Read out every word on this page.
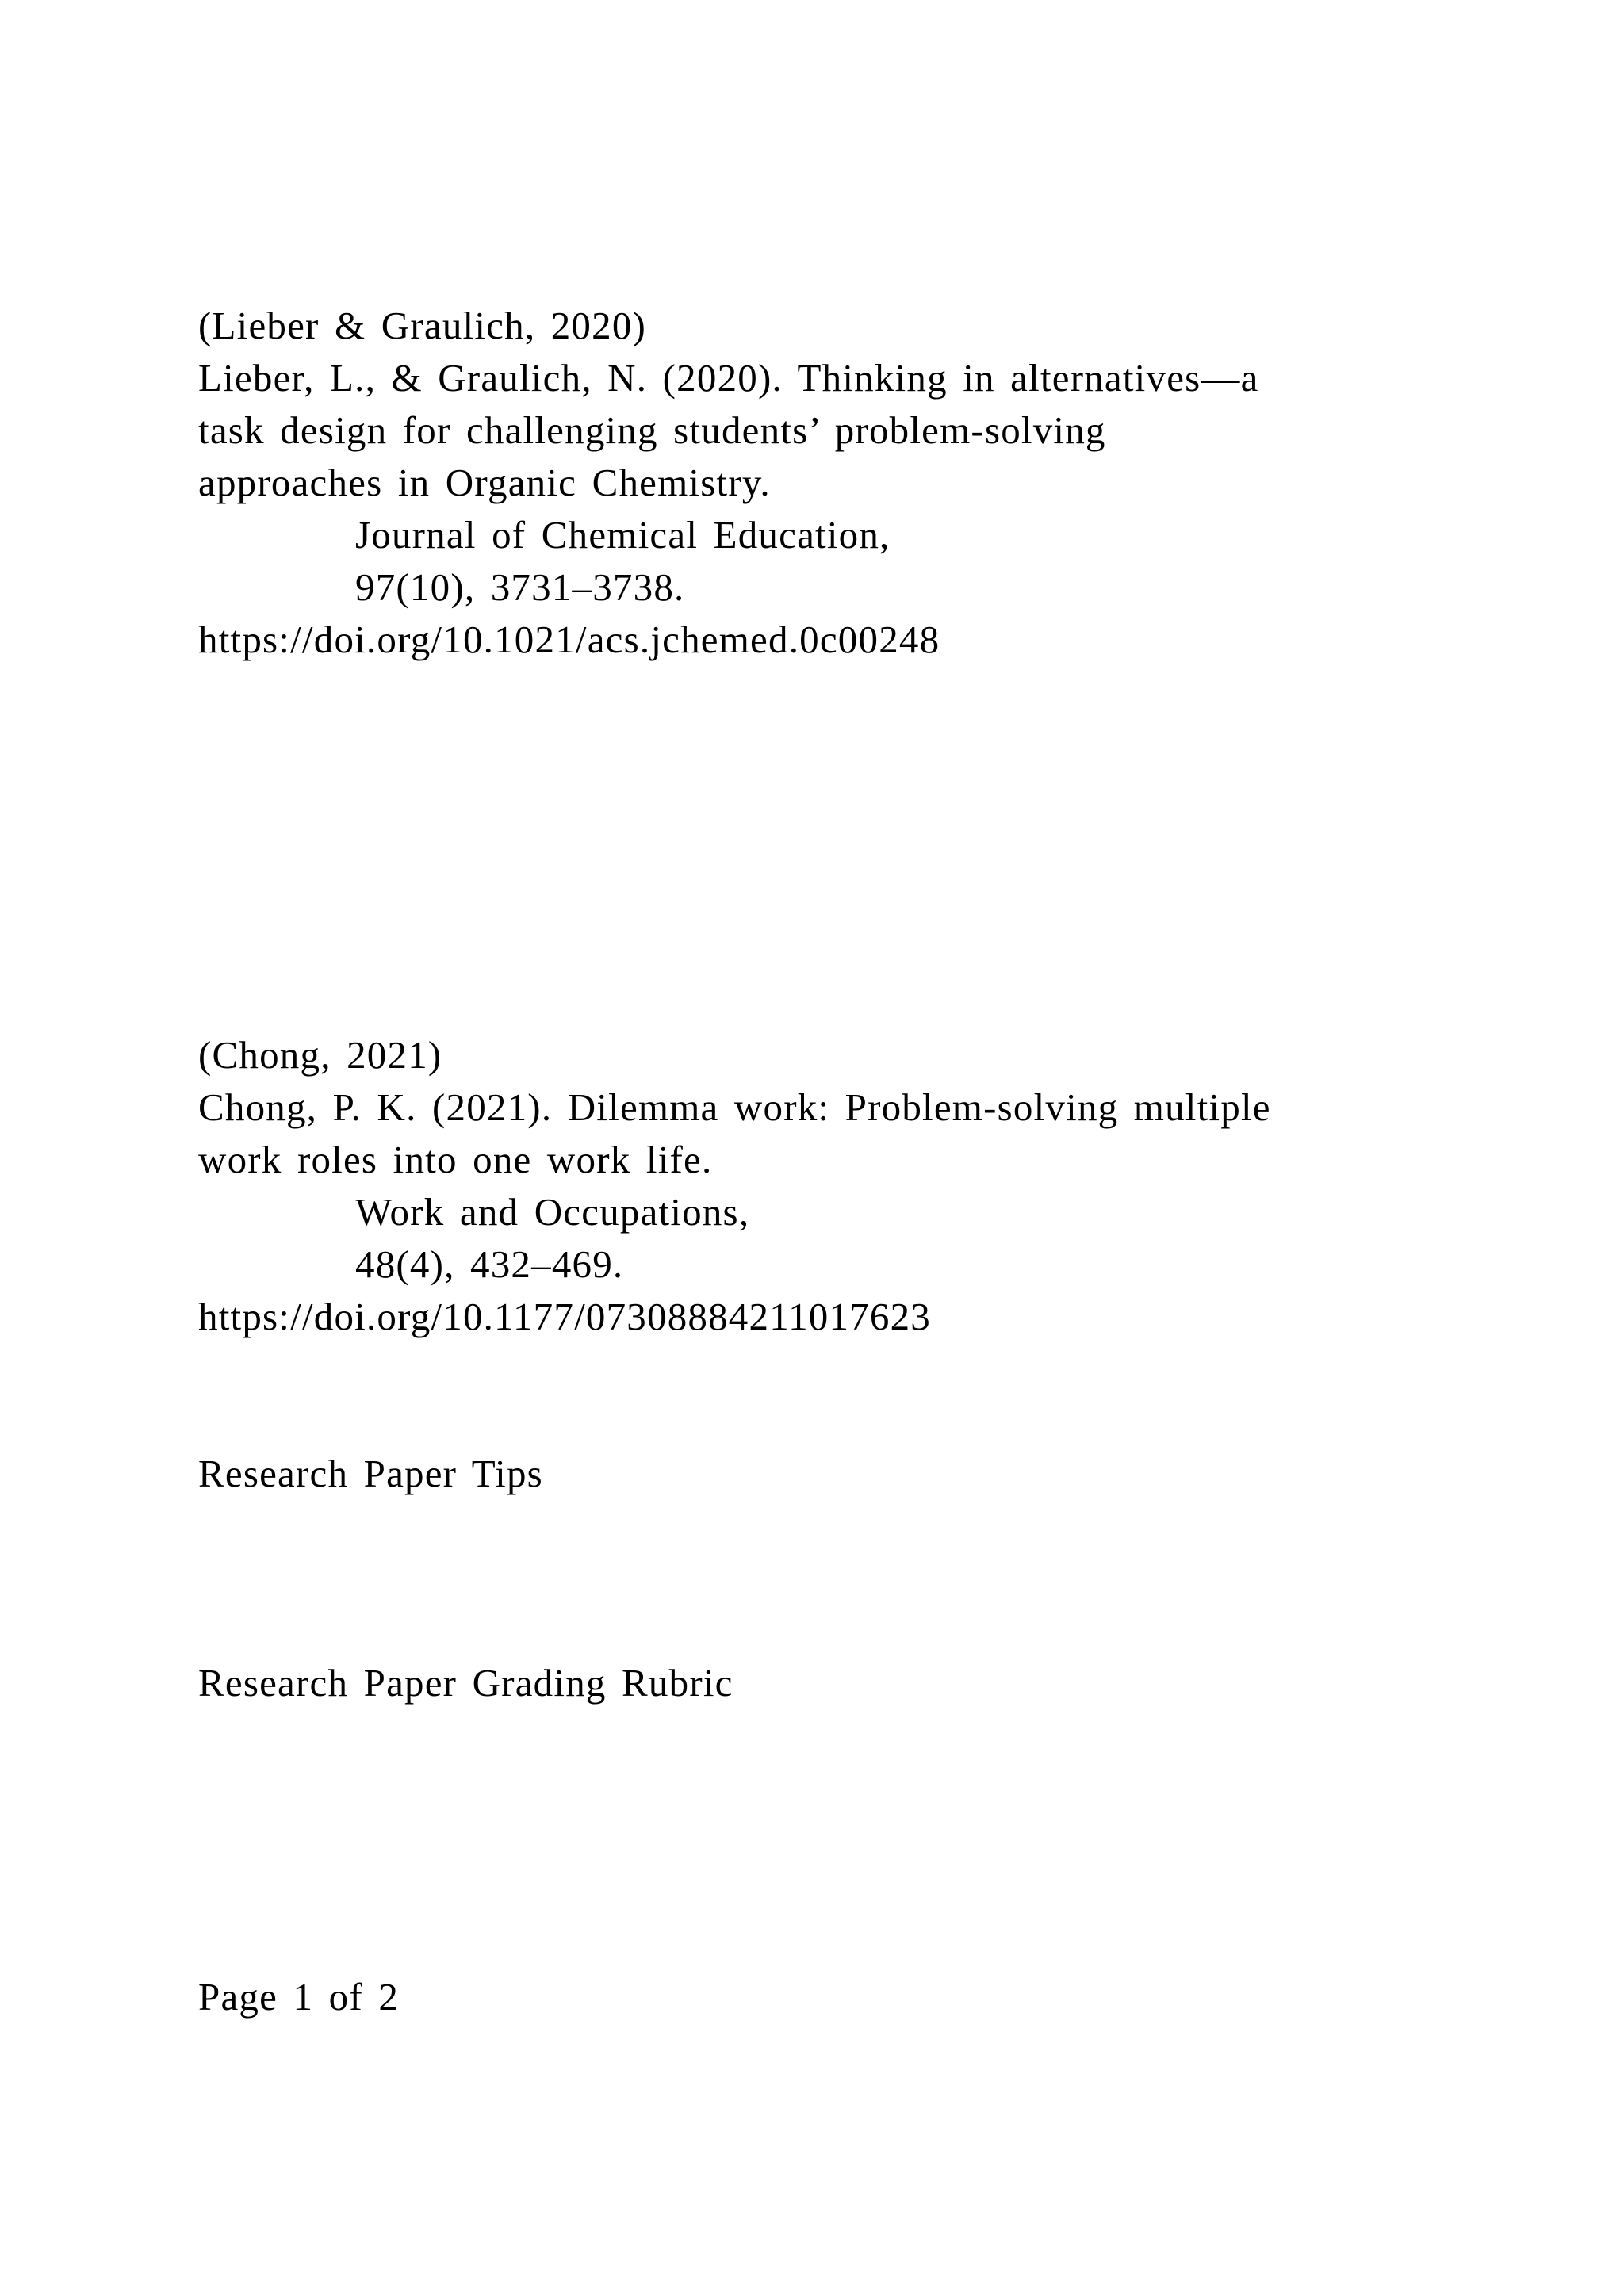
(Lieber & Graulich, 2020)
Lieber, L., & Graulich, N. (2020). Thinking in alternatives—a
task design for challenging students’ problem-solving
approaches in Organic Chemistry.
Journal of Chemical Education,
97(10), 3731–3738.
https://doi.org/10.1021/acs.jchemed.0c00248
(Chong, 2021)
Chong, P. K. (2021). Dilemma work: Problem-solving multiple
work roles into one work life.
Work and Occupations,
48(4), 432–469.
https://doi.org/10.1177/07308884211017623
Research Paper Tips
Research Paper Grading Rubric
Page 1 of 2
